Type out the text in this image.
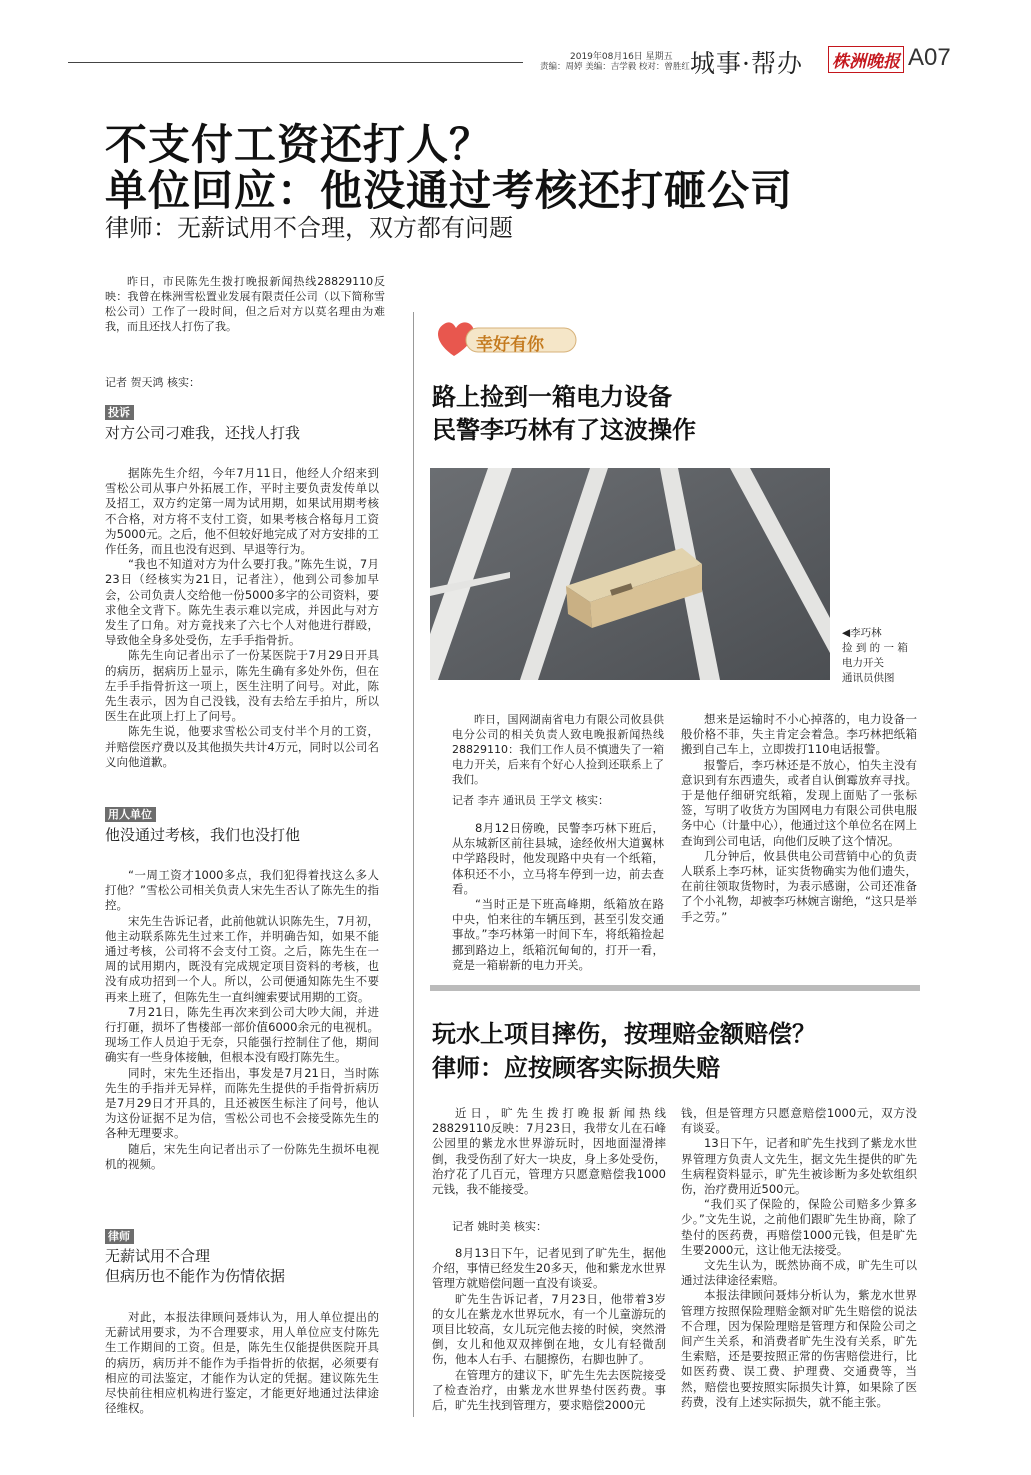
2019年08月16日 星期五
责编：周婷 美编：吉学毅 校对：曾胜红 城事·帮办 株洲晚报 A07
不支付工资还打人？
单位回应：他没通过考核还打砸公司
律师：无薪试用不合理，双方都有问题

昨日，市民陈先生拨打晚报新闻热线28829110反映：我曾在株洲雪松置业发展有限责任公司（以下简称雪松公司）工作了一段时间，但之后对方以莫名理由为难我，而且还找人打伤了我。

记者 贺天鸿 核实：
投诉
对方公司刁难我，还找人打我

据陈先生介绍，今年7月11日，他经人介绍来到雪松公司从事户外拓展工作，平时主要负责发传单以及招工，双方约定第一周为试用期，如果试用期考核不合格，对方将不支付工资，如果考核合格每月工资为5000元。之后，他不但较好地完成了对方安排的工作任务，而且也没有迟到、早退等行为。

“我也不知道对方为什么要打我。”陈先生说，7月23日（经核实为21日，记者注），他到公司参加早会，公司负责人交给他一份5000多字的公司资料，要求他全文背下。陈先生表示难以完成，并因此与对方发生了口角。对方竟找来了六七个人对他进行群殴，导致他全身多处受伤，左手手指骨折。

陈先生向记者出示了一份某医院于7月29日开具的病历，据病历上显示，陈先生确有多处外伤，但在左手手指骨折这一项上，医生注明了问号。对此，陈先生表示，因为自己没钱，没有去给左手拍片，所以医生在此项上打上了问号。

陈先生说，他要求雪松公司支付半个月的工资，并赔偿医疗费以及其他损失共计4万元，同时以公司名义向他道歉。

用人单位
他没通过考核，我们也没打他

“一周工资才1000多点，我们犯得着找这么多人打他？”雪松公司相关负责人宋先生否认了陈先生的指控。

宋先生告诉记者，此前他就认识陈先生，7月初，他主动联系陈先生过来工作，并明确告知，如果不能通过考核，公司将不会支付工资。之后，陈先生在一周的试用期内，既没有完成规定项目资料的考核，也没有成功招到一个人。所以，公司便通知陈先生不要再来上班了，但陈先生一直纠缠索要试用期的工资。

7月21日，陈先生再次来到公司大吵大闹，并进行打砸，损坏了售楼部一部价值6000余元的电视机。现场工作人员迫于无奈，只能强行控制住了他，期间确实有一些身体接触，但根本没有殴打陈先生。

同时，宋先生还指出，事发是7月21日，当时陈先生的手指并无异样，而陈先生提供的手指骨折病历是7月29日才开具的，且还被医生标注了问号，他认为这份证据不足为信，雪松公司也不会接受陈先生的各种无理要求。

随后，宋先生向记者出示了一份陈先生损坏电视机的视频。

律师
无薪试用不合理
但病历也不能作为伤情依据

对此，本报法律顾问聂炜认为，用人单位提出的无薪试用要求，为不合理要求，用人单位应支付陈先生工作期间的工资。但是，陈先生仅能提供医院开具的病历，病历并不能作为手指骨折的依据，必须要有相应的司法鉴定，才能作为认定的凭据。建议陈先生尽快前往相应机构进行鉴定，才能更好地通过法律途径维权。

幸好有你
路上捡到一箱电力设备
民警李巧林有了这波操作
◀李巧林
捡 到 的 一 箱
电力开关
通讯员供图

昨日，国网湖南省电力有限公司攸县供电分公司的相关负责人致电晚报新闻热线28829110：我们工作人员不慎遗失了一箱电力开关，后来有个好心人捡到还联系上了我们。

记者 李卉 通讯员 王学文 核实：

8月12日傍晚，民警李巧林下班后，从东城新区前往县城，途经攸州大道翼林中学路段时，他发现路中央有一个纸箱，体积还不小，立马将车停到一边，前去查看。

“当时正是下班高峰期，纸箱放在路中央，怕来往的车辆压到，甚至引发交通事故。”李巧林第一时间下车，将纸箱捡起挪到路边上，纸箱沉甸甸的，打开一看，竟是一箱崭新的电力开关。

想来是运输时不小心掉落的，电力设备一般价格不菲，失主肯定会着急。李巧林把纸箱搬到自己车上，立即拨打110电话报警。

报警后，李巧林还是不放心，怕失主没有意识到有东西遗失，或者自认倒霉放弃寻找。于是他仔细研究纸箱，发现上面贴了一张标签，写明了收货方为国网电力有限公司供电服务中心（计量中心），他通过这个单位名在网上查询到公司电话，向他们反映了这个情况。

几分钟后，攸县供电公司营销中心的负责人联系上李巧林，证实货物确实为他们遗失，在前往领取货物时，为表示感谢，公司还准备了个小礼物，却被李巧林婉言谢绝，“这只是举手之劳。”

玩水上项目摔伤，按理赔金额赔偿？
律师：应按顾客实际损失赔

近日，旷先生拨打晚报新闻热线28829110反映：7月23日，我带女儿在石峰公园里的紫龙水世界游玩时，因地面湿滑摔倒，我受伤刮了好大一块皮，身上多处受伤，治疗花了几百元，管理方只愿意赔偿我1000元钱，我不能接受。

记者 姚时美 核实：

8月13日下午，记者见到了旷先生，据他介绍，事情已经发生20多天，他和紫龙水世界管理方就赔偿问题一直没有谈妥。

旷先生告诉记者，7月23日，他带着3岁的女儿在紫龙水世界玩水，有一个儿童游玩的项目比较高，女儿玩完他去接的时候，突然滑倒，女儿和他双双摔倒在地，女儿有轻微刮伤，他本人右手、右腿擦伤，右脚也肿了。

在管理方的建议下，旷先生先去医院接受了检查治疗，由紫龙水世界垫付医药费。事后，旷先生找到管理方，要求赔偿2000元

钱，但是管理方只愿意赔偿1000元，双方没有谈妥。

13日下午，记者和旷先生找到了紫龙水世界管理方负责人文先生，据文先生提供的旷先生病程资料显示，旷先生被诊断为多处软组织伤，治疗费用近500元。

“我们买了保险的，保险公司赔多少算多少。”文先生说，之前他们跟旷先生协商，除了垫付的医药费，再赔偿1000元钱，但是旷先生要2000元，这让他无法接受。

文先生认为，既然协商不成，旷先生可以通过法律途径索赔。

本报法律顾问聂炜分析认为，紫龙水世界管理方按照保险理赔金额对旷先生赔偿的说法不合理，因为保险理赔是管理方和保险公司之间产生关系，和消费者旷先生没有关系，旷先生索赔，还是要按照正常的伤害赔偿进行，比如医药费、误工费、护理费、交通费等，当然，赔偿也要按照实际损失计算，如果除了医药费，没有上述实际损失，就不能主张。
